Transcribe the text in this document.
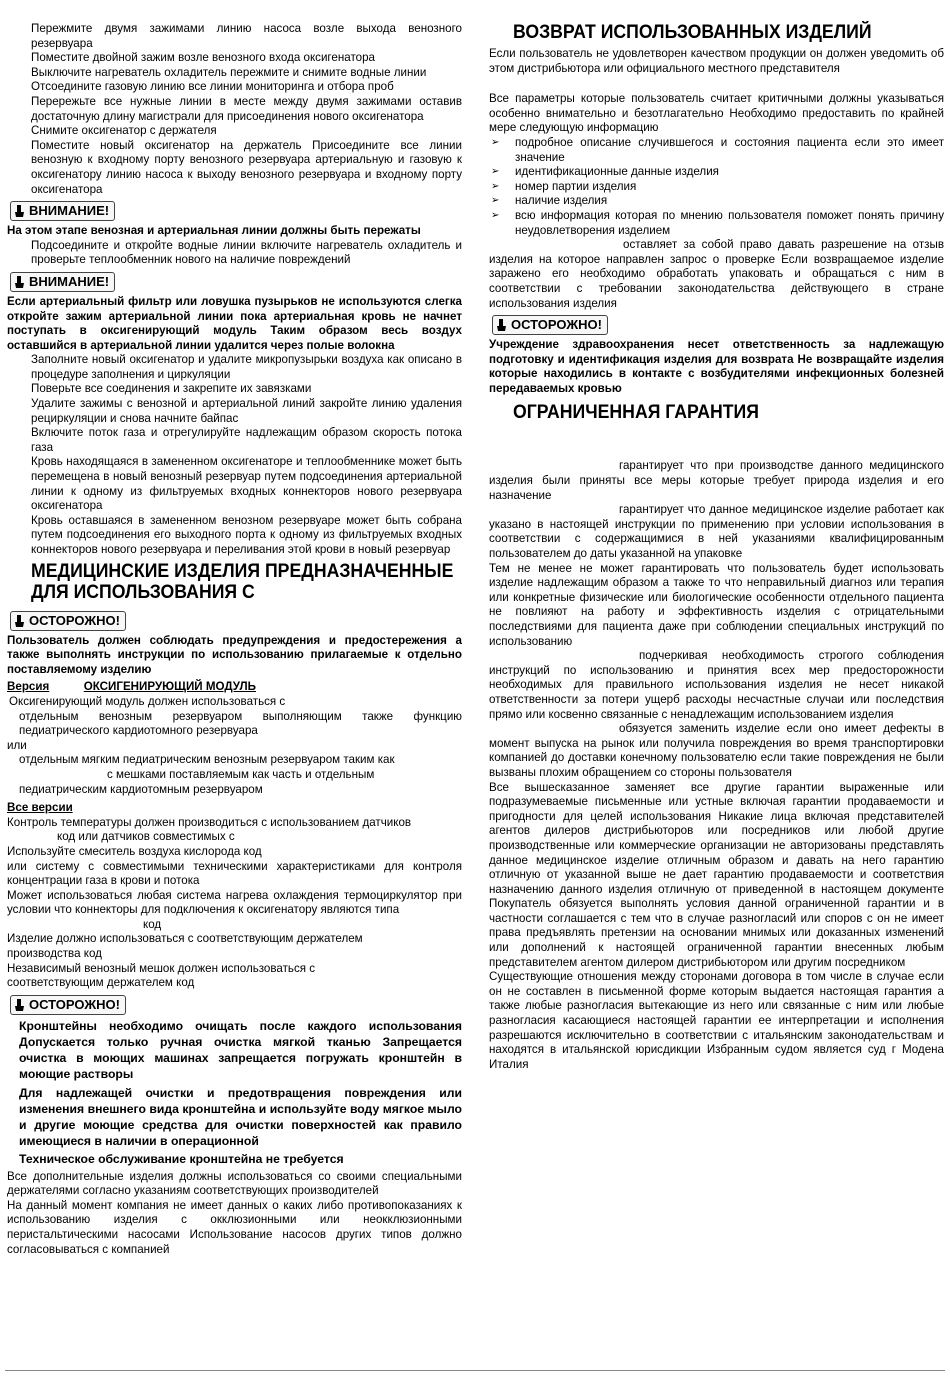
Пережмите двумя зажимами линию насоса возле выхода венозного резервуара

Поместите двойной зажим возле венозного входа оксигенатора

Выключите нагреватель охладитель пережмите и снимите водные линии

Отсоедините газовую линию все линии мониторинга и отбора проб

Перережьте все нужные линии в месте между двумя зажимами оставив достаточную длину магистрали для присоединения нового оксигенатора

Снимите оксигенатор с держателя

Поместите новый оксигенатор на держатель Присоедините все линии венозную к входному порту венозного резервуара артериальную и газовую к оксигенатору линию насоса к выходу венозного резервуара и входному порту оксигенатора

ВНИМАНИЕ!

На этом этапе венозная и артериальная линии должны быть пережаты

Подсоедините и откройте водные линии включите нагреватель охладитель и проверьте теплообменник нового на наличие повреждений

ВНИМАНИЕ!

Если артериальный фильтр или ловушка пузырьков не используются слегка откройте зажим артериальной линии пока артериальная кровь не начнет поступать в оксигенирующий модуль Таким образом весь воздух оставшийся в артериальной линии удалится через полые волокна

Заполните новый оксигенатор и удалите микропузырьки воздуха как описано в процедуре заполнения и циркуляции

Поверьте все соединения и закрепите их завязками

Удалите зажимы с венозной и артериальной линий закройте линию удаления рециркуляции и снова начните байпас

Включите поток газа и отрегулируйте надлежащим образом скорость потока газа

Кровь находящаяся в замененном оксигенаторе и теплообменнике может быть перемещена в новый венозный резервуар путем подсоединения артериальной линии к одному из фильтруемых входных коннекторов нового резервуара оксигенатора

Кровь оставшаяся в замененном венозном резервуаре может быть собрана путем подсоединения его выходного порта к одному из фильтруемых входных коннекторов нового резервуара и переливания этой крови в новый резервуар

МЕДИЦИНСКИЕ ИЗДЕЛИЯ ПРЕДНАЗНАЧЕННЫЕ ДЛЯ ИСПОЛЬЗОВАНИЯ С
ОСТОРОЖНО!

Пользователь должен соблюдать предупреждения и предостережения а также выполнять инструкции по использованию прилагаемые к отдельно поставляемому изделию

Версия	ОКСИГЕНИРУЮЩИЙ МОДУЛЬ

Оксигенирующий модуль должен использоваться с

отдельным венозным резервуаром выполняющим также функцию педиатрического кардиотомного резервуара

или

отдельным мягким педиатрическим венозным резервуаром таким как

с мешками поставляемым как часть и отдельным

педиатрическим кардиотомным резервуаром

Все версии

Контроль температуры должен производиться с использованием датчиков

код или датчиков совместимых с

Используйте смеситель воздуха кислорода код

или систему с совместимыми техническими характеристиками для контроля концентрации газа в крови и потока

Может использоваться любая система нагрева охлаждения термоциркулятор при условии что коннекторы для подключения к оксигенатору являются типа

код

Изделие должно использоваться с соответствующим держателем

производства код

Независимый венозный мешок должен использоваться с

соответствующим держателем код

ОСТОРОЖНО!

Кронштейны необходимо очищать после каждого использования Допускается только ручная очистка мягкой тканью Запрещается очистка в моющих машинах запрещается погружать кронштейн в моющие растворы

Для надлежащей очистки и предотвращения повреждения или изменения внешнего вида кронштейна и используйте воду мягкое мыло и другие моющие средства для очистки поверхностей как правило имеющиеся в наличии в операционной

Техническое обслуживание кронштейна не требуется

Все дополнительные изделия должны использоваться со своими специальными держателями согласно указаниям соответствующих производителей

На данный момент компания не имеет данных о каких либо противопоказаниях к использованию изделия с окклюзионными или неокклюзионными перистальтическими насосами Использование насосов других типов должно согласовываться с компанией

ВОЗВРАТ ИСПОЛЬЗОВАННЫХ ИЗДЕЛИЙ

Если пользователь не удовлетворен качеством продукции он должен уведомить об этом дистрибьютора или официального местного представителя

Все параметры которые пользователь считает критичными должны указываться особенно внимательно и безотлагательно Необходимо предоставить по крайней мере следующую информацию

➢ подробное описание случившегося и состояния пациента если это имеет значение

➢ идентификационные данные изделия

➢ номер партии изделия

➢ наличие изделия

➢ всю информация которая по мнению пользователя поможет понять причину неудовлетворения изделием

оставляет за собой право давать разрешение на отзыв изделия на которое направлен запрос о проверке Если возвращаемое изделие заражено его необходимо обработать упаковать и обращаться с ним в соответствии с требовании законодательства действующего в стране использования изделия

ОСТОРОЖНО!

Учреждение здравоохранения несет ответственность за надлежащую подготовку и идентификация изделия для возврата Не возвращайте изделия которые находились в контакте с возбудителями инфекционных болезней передаваемых кровью

ОГРАНИЧЕННАЯ ГАРАНТИЯ

гарантирует что при производстве данного медицинского изделия были приняты все меры которые требует природа изделия и его назначение

гарантирует что данное медицинское изделие работает как указано в настоящей инструкции по применению при условии использования в соответствии с содержащимися в ней указаниями квалифицированным пользователем до даты указанной на упаковке

Тем не менее не может гарантировать что пользователь будет использовать изделие надлежащим образом а также то что неправильный диагноз или терапия или конкретные физические или биологические особенности отдельного пациента не повлияют на работу и эффективность изделия с отрицательными последствиями для пациента даже при соблюдении специальных инструкций по использованию

подчеркивая необходимость строгого соблюдения инструкций по использованию и принятия всех мер предосторожности необходимых для правильного использования изделия не несет никакой ответственности за потери ущерб расходы несчастные случаи или последствия прямо или косвенно связанные с ненадлежащим использованием изделия

обязуется заменить изделие если оно имеет дефекты в момент выпуска на рынок или получила повреждения во время транспортировки компанией до доставки конечному пользователю если такие повреждения не были вызваны плохим обращением со стороны пользователя

Все вышесказанное заменяет все другие гарантии выраженные или подразумеваемые письменные или устные включая гарантии продаваемости и пригодности для целей использования Никакие лица включая представителей агентов дилеров дистрибьюторов или посредников или любой другие производственные или коммерческие организации не авторизованы представлять данное медицинское изделие отличным образом и давать на него гарантию отличную от указанной выше не дает гарантию продаваемости и соответствия назначению данного изделия отличную от приведенной в настоящем документе Покупатель обязуется выполнять условия данной ограниченной гарантии и в частности соглашается с тем что в случае разногласий или споров с он не имеет права предъявлять претензии на основании мнимых или доказанных изменений или дополнений к настоящей ограниченной гарантии внесенных любым представителем агентом дилером дистрибьютором или другим посредником

Существующие отношения между сторонами договора в том числе в случае если он не составлен в письменной форме которым выдается настоящая гарантия а также любые разногласия вытекающие из него или связанные с ним или любые разногласия касающиеся настоящей гарантии ее интерпретации и исполнения разрешаются исключительно в соответствии с итальянским законодательствам и находятся в итальянской юрисдикции Избранным судом является суд г Модена Италия
